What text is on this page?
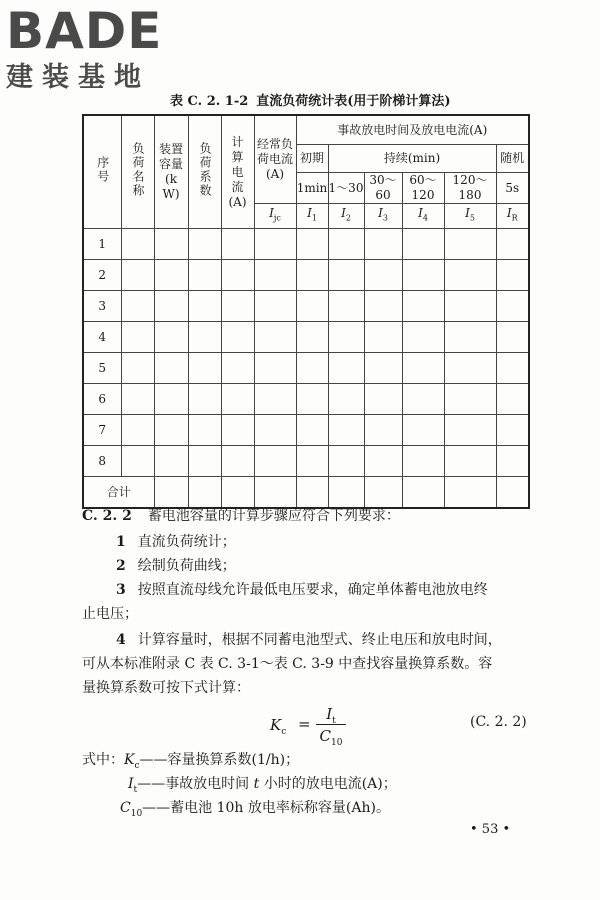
BADE
建装基地
表 C. 2. 1-2 直流负荷统计表(用于阶梯计算法)
序号	负荷名称	装置容量(kW)	负荷系数	计算电流(A)	经常负荷电流(A)	事故放电时间及放电电流(A)					
						初期	持续(min)				随机
						1min	1～30	30～60	60～120	120～180	5s
					$I_{jc}$	$I_1$	$I_2$	$I_3$	$I_4$	$I_5$	$I_R$
1											
2											
3											
4											
5											
6											
7											
8											
合计											
C. 2. 2 蓄电池容量的计算步骤应符合下列要求：
1 直流负荷统计；
2 绘制负荷曲线；
3 按照直流母线允许最低电压要求，确定单体蓄电池放电终
止电压；
4 计算容量时，根据不同蓄电池型式、终止电压和放电时间，
可从本标准附录 C 表 C. 3-1～表 C. 3-9 中查找容量换算系数。容
量换算系数可按下式计算：
$K_c = \frac{I_t}{C_{10}}$	(C. 2. 2)
式中：$K_c——$容量换算系数(1/h)；
$I_t——$事故放电时间 t 小时的放电电流(A)；
$C_{10}——$蓄电池 10h 放电率标称容量(Ah)。
• 53 •
